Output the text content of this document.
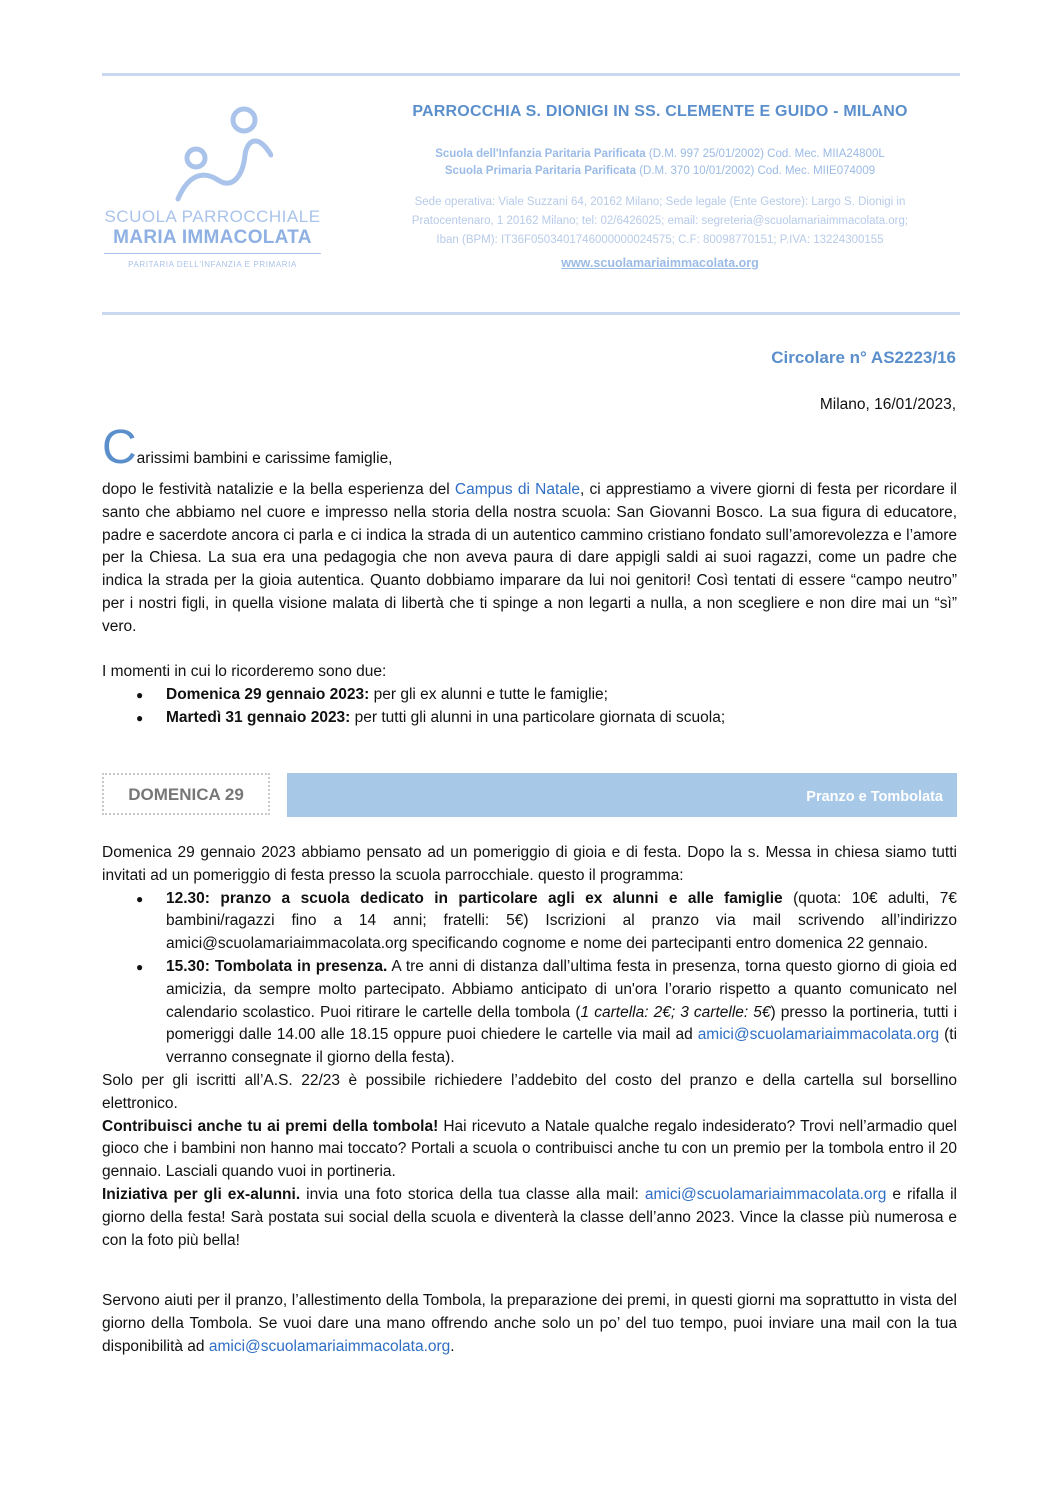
SCUOLA PARROCCHIALE
MARIA IMMACOLATA
PARITARIA DELL'INFANZIA E PRIMARIA
PARROCCHIA S. DIONIGI IN SS. CLEMENTE E GUIDO - MILANO
Scuola dell'Infanzia Paritaria Parificata (D.M. 997 25/01/2002) Cod. Mec. MIIA24800L
Scuola Primaria Paritaria Parificata (D.M. 370 10/01/2002) Cod. Mec. MIIE074009
Sede operativa: Viale Suzzani 64, 20162 Milano; Sede legale (Ente Gestore): Largo S. Dionigi in
Pratocentenaro, 1 20162 Milano; tel: 02/6426025; email: segreteria@scuolamariaimmacolata.org;
Iban (BPM): IT36F0503401746000000024575; C.F: 80098770151; P.IVA: 13224300155
www.scuolamariaimmacolata.org
Circolare n° AS2223/16
Milano, 16/01/2023,
Carissimi bambini e carissime famiglie,
dopo le festività natalizie e la bella esperienza del Campus di Natale, ci apprestiamo a vivere giorni di festa per ricordare il santo che abbiamo nel cuore e impresso nella storia della nostra scuola: San Giovanni Bosco. La sua figura di educatore, padre e sacerdote ancora ci parla e ci indica la strada di un autentico cammino cristiano fondato sull’amorevolezza e l’amore per la Chiesa. La sua era una pedagogia che non aveva paura di dare appigli saldi ai suoi ragazzi, come un padre che indica la strada per la gioia autentica. Quanto dobbiamo imparare da lui noi genitori! Così tentati di essere “campo neutro” per i nostri figli, in quella visione malata di libertà che ti spinge a non legarti a nulla, a non scegliere e non dire mai un “sì” vero.
I momenti in cui lo ricorderemo sono due:
● Domenica 29 gennaio 2023: per gli ex alunni e tutte le famiglie;
● Martedì 31 gennaio 2023: per tutti gli alunni in una particolare giornata di scuola;
DOMENICA 29	Pranzo e Tombolata
Domenica 29 gennaio 2023 abbiamo pensato ad un pomeriggio di gioia e di festa. Dopo la s. Messa in chiesa siamo tutti invitati ad un pomeriggio di festa presso la scuola parrocchiale. questo il programma:
● 12.30: pranzo a scuola dedicato in particolare agli ex alunni e alle famiglie (quota: 10€ adulti, 7€ bambini/ragazzi fino a 14 anni; fratelli: 5€) Iscrizioni al pranzo via mail scrivendo all’indirizzo amici@scuolamariaimmacolata.org specificando cognome e nome dei partecipanti entro domenica 22 gennaio.
● 15.30: Tombolata in presenza. A tre anni di distanza dall’ultima festa in presenza, torna questo giorno di gioia ed amicizia, da sempre molto partecipato. Abbiamo anticipato di un'ora l’orario rispetto a quanto comunicato nel calendario scolastico. Puoi ritirare le cartelle della tombola (1 cartella: 2€; 3 cartelle: 5€) presso la portineria, tutti i pomeriggi dalle 14.00 alle 18.15 oppure puoi chiedere le cartelle via mail ad amici@scuolamariaimmacolata.org (ti verranno consegnate il giorno della festa).
Solo per gli iscritti all’A.S. 22/23 è possibile richiedere l’addebito del costo del pranzo e della cartella sul borsellino elettronico.
Contribuisci anche tu ai premi della tombola! Hai ricevuto a Natale qualche regalo indesiderato? Trovi nell’armadio quel gioco che i bambini non hanno mai toccato? Portali a scuola o contribuisci anche tu con un premio per la tombola entro il 20 gennaio. Lasciali quando vuoi in portineria.
Iniziativa per gli ex-alunni. invia una foto storica della tua classe alla mail: amici@scuolamariaimmacolata.org e rifalla il giorno della festa! Sarà postata sui social della scuola e diventerà la classe dell’anno 2023. Vince la classe più numerosa e con la foto più bella!
Servono aiuti per il pranzo, l’allestimento della Tombola, la preparazione dei premi, in questi giorni ma soprattutto in vista del giorno della Tombola. Se vuoi dare una mano offrendo anche solo un po’ del tuo tempo, puoi inviare una mail con la tua disponibilità ad amici@scuolamariaimmacolata.org.
